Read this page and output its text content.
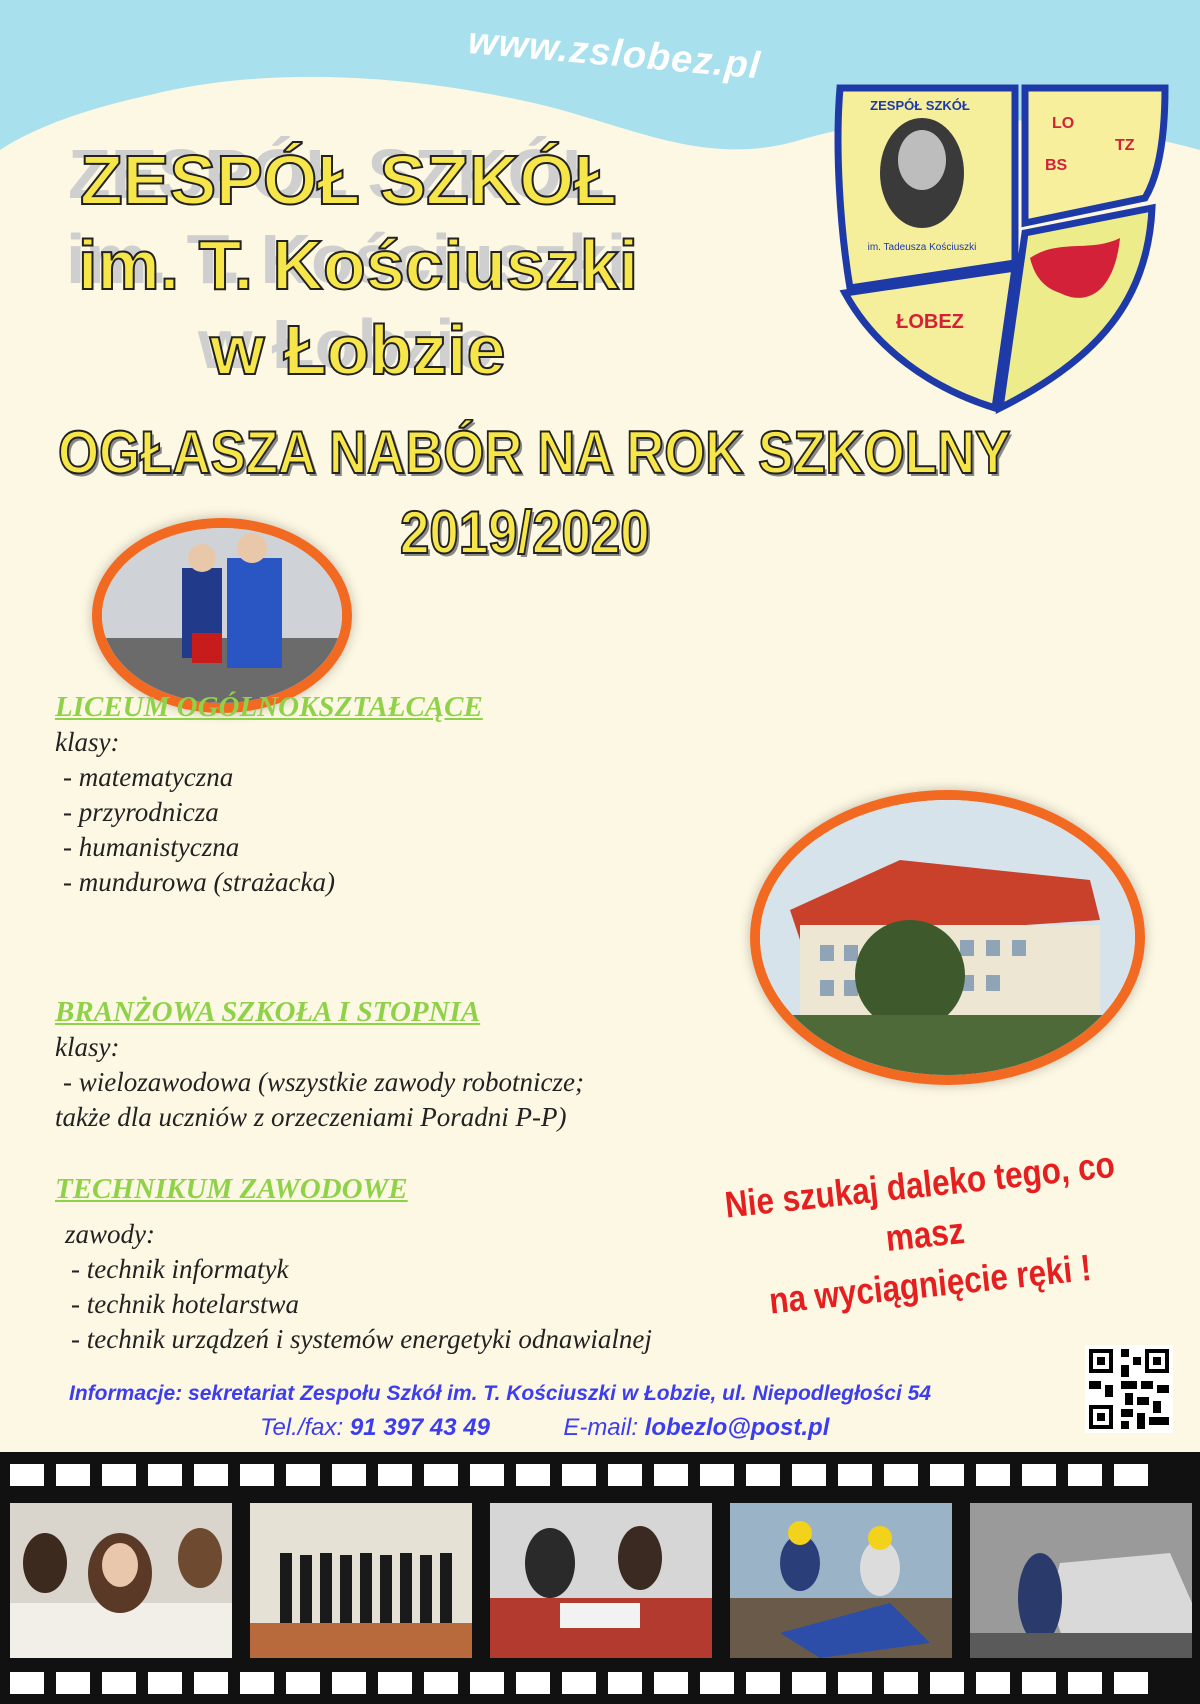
www.zslobez.pl
ZESPÓŁ SZKÓŁ
im. T. Kościuszki
w Łobzie
ZESPÓŁ SZKÓŁ
im. Tadeusza Kościuszki
LO
TZ
BS
ŁOBEZ
OGŁASZA NABÓR NA ROK SZKOLNY
2019/2020
LICEUM OGÓLNOKSZTAŁCĄCE
klasy:
- matematyczna
- przyrodnicza
- humanistyczna
- mundurowa (strażacka)
BRANŻOWA SZKOŁA I STOPNIA
klasy:
- wielozawodowa (wszystkie zawody robotnicze;
także dla uczniów z orzeczeniami Poradni P-P)
TECHNIKUM ZAWODOWE
zawody:
- technik informatyk
- technik hotelarstwa
- technik urządzeń i systemów energetyki odnawialnej
Nie szukaj daleko tego, co masz
na wyciągnięcie ręki !
Informacje: sekretariat Zespołu Szkół im. T. Kościuszki w Łobzie, ul. Niepodległości 54
Tel./fax: 91 397 43 49	E-mail: lobezlo@post.pl
